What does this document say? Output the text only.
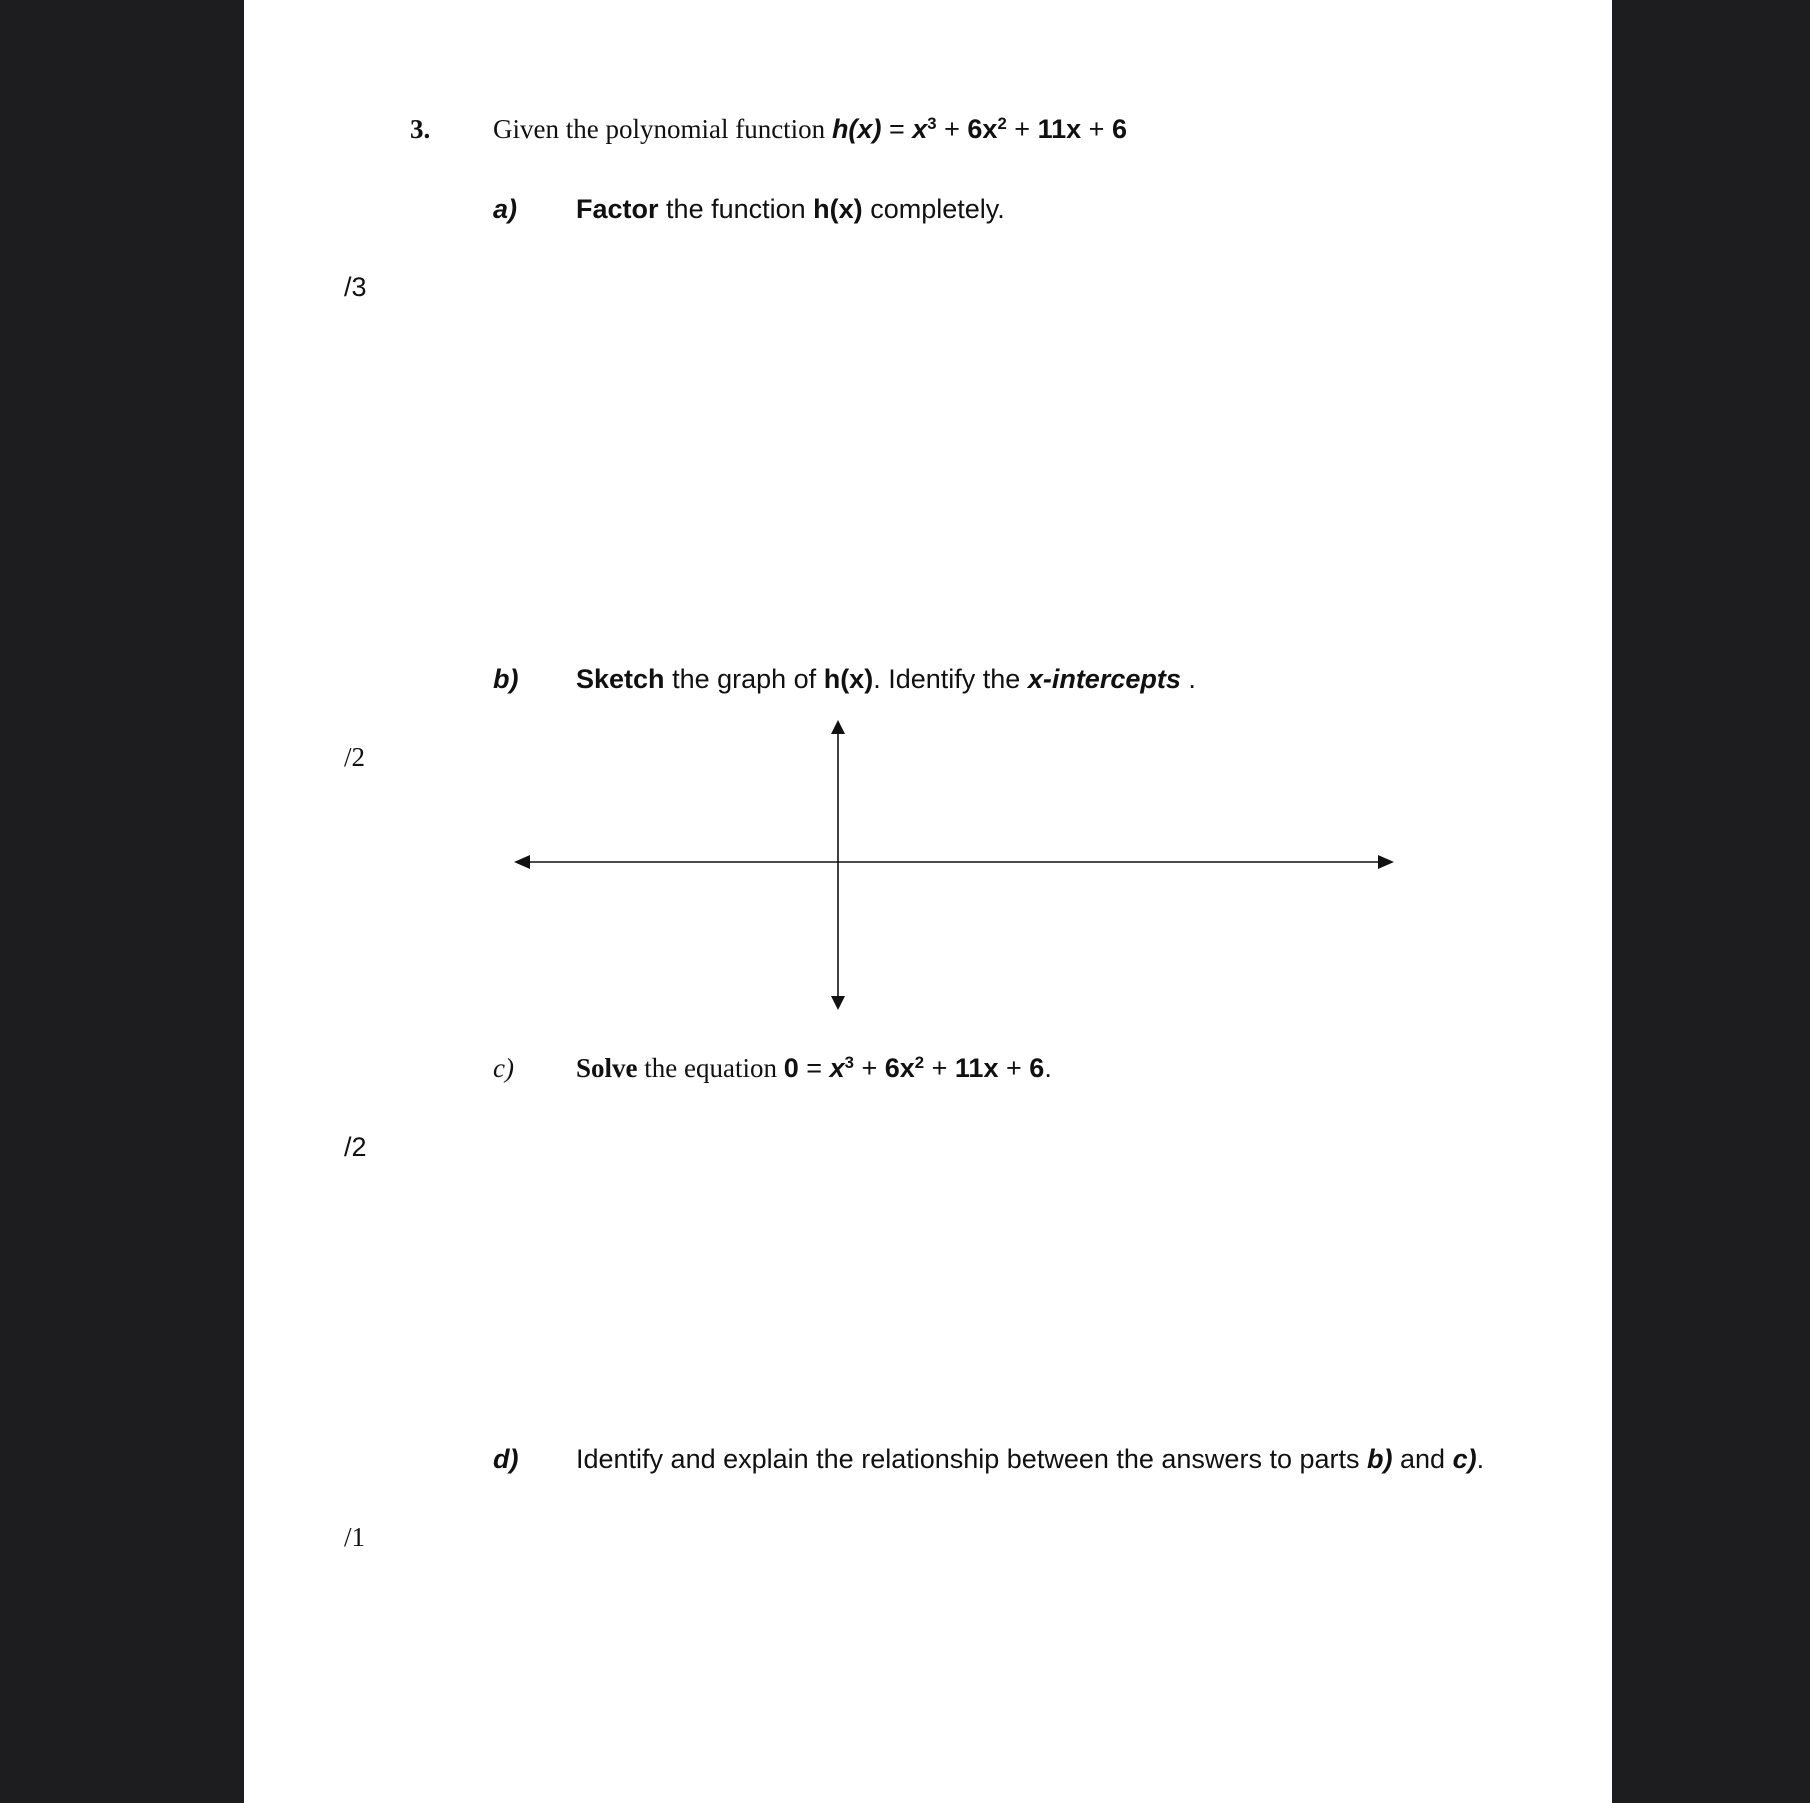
3. Given the polynomial function $h(x) = x^3 + 6x^2 + 11x + 6$
a) Factor the function h(x) completely.
/3
b) Sketch the graph of h(x). Identify the x-intercepts .
/2
c) Solve the equation $0 = x^3 + 6x^2 + 11x + 6$.
/2
d) Identify and explain the relationship between the answers to parts b) and c).
/1
